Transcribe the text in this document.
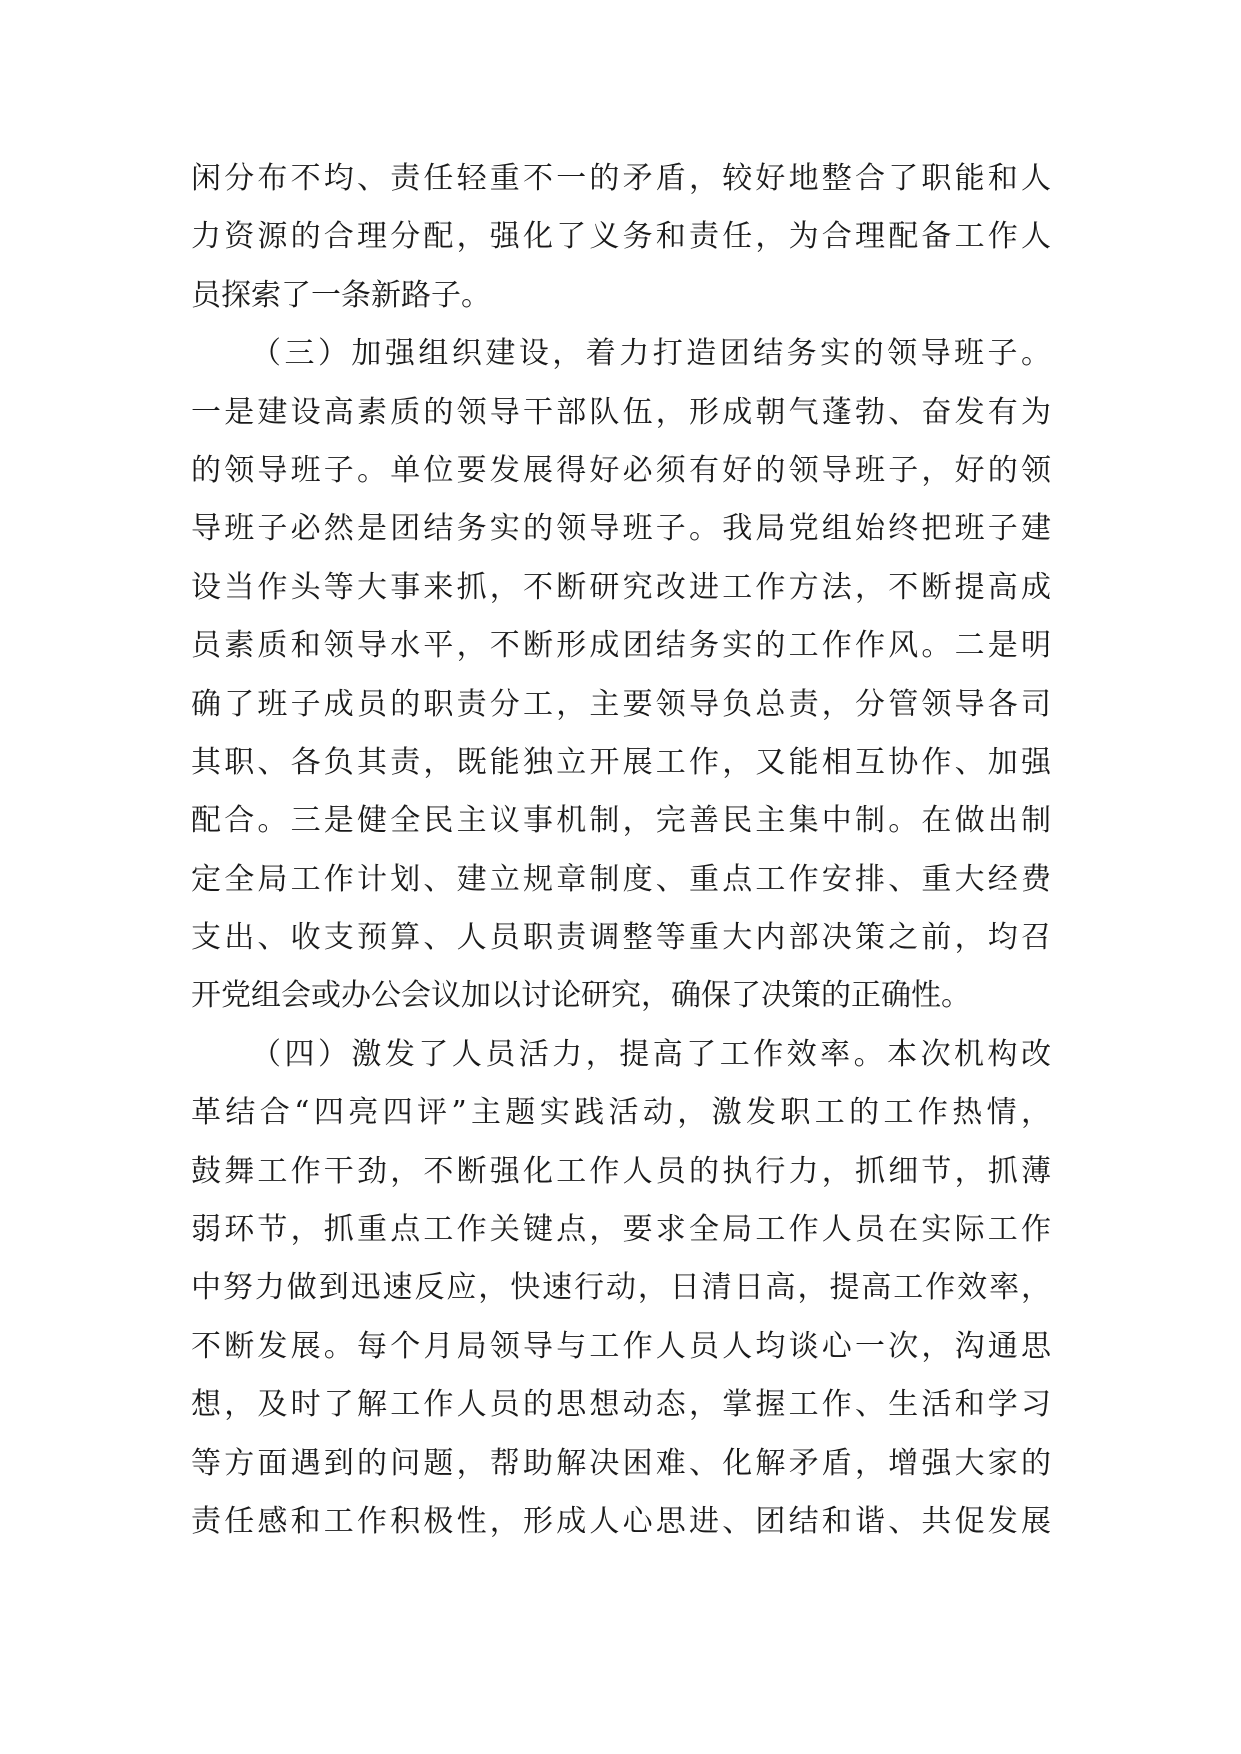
闲分布不均、责任轻重不一的矛盾，较好地整合了职能和人
力资源的合理分配，强化了义务和责任，为合理配备工作人
员探索了一条新路子。
（三）加强组织建设，着力打造团结务实的领导班子。
一是建设高素质的领导干部队伍，形成朝气蓬勃、奋发有为
的领导班子。单位要发展得好必须有好的领导班子，好的领
导班子必然是团结务实的领导班子。我局党组始终把班子建
设当作头等大事来抓，不断研究改进工作方法，不断提高成
员素质和领导水平，不断形成团结务实的工作作风。二是明
确了班子成员的职责分工，主要领导负总责，分管领导各司
其职、各负其责，既能独立开展工作，又能相互协作、加强
配合。三是健全民主议事机制，完善民主集中制。在做出制
定全局工作计划、建立规章制度、重点工作安排、重大经费
支出、收支预算、人员职责调整等重大内部决策之前，均召
开党组会或办公会议加以讨论研究，确保了决策的正确性。
（四）激发了人员活力，提高了工作效率。本次机构改
革结合“四亮四评”主题实践活动，激发职工的工作热情，
鼓舞工作干劲，不断强化工作人员的执行力，抓细节，抓薄
弱环节，抓重点工作关键点，要求全局工作人员在实际工作
中努力做到迅速反应，快速行动，日清日高，提高工作效率，
不断发展。每个月局领导与工作人员人均谈心一次，沟通思
想，及时了解工作人员的思想动态，掌握工作、生活和学习
等方面遇到的问题，帮助解决困难、化解矛盾，增强大家的
责任感和工作积极性，形成人心思进、团结和谐、共促发展
